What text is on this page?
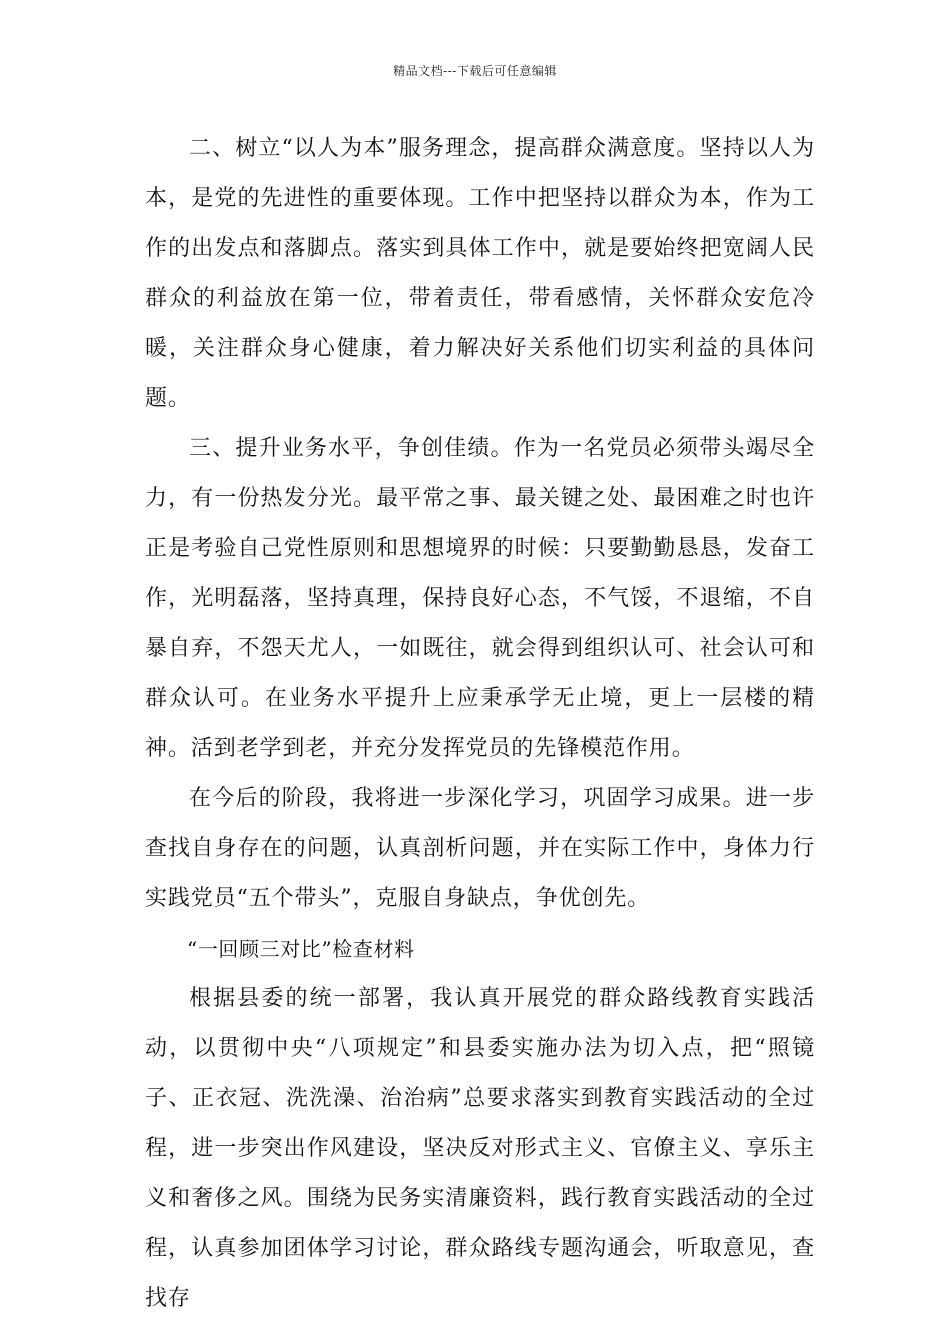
精品文档---下载后可任意编辑

二、树立“以人为本”服务理念，提高群众满意度。坚持以人为本，是党的先进性的重要体现。工作中把坚持以群众为本，作为工作的出发点和落脚点。落实到具体工作中，就是要始终把宽阔人民群众的利益放在第一位，带着责任，带看感情，关怀群众安危冷暖，关注群众身心健康，着力解决好关系他们切实利益的具体问题。

三、提升业务水平，争创佳绩。作为一名党员必须带头竭尽全力，有一份热发分光。最平常之事、最关键之处、最困难之时也许正是考验自己党性原则和思想境界的时候：只要勤勤恳恳，发奋工作，光明磊落，坚持真理，保持良好心态，不气馁，不退缩，不自暴自弃，不怨天尤人，一如既往，就会得到组织认可、社会认可和群众认可。在业务水平提升上应秉承学无止境，更上一层楼的精神。活到老学到老，并充分发挥党员的先锋模范作用。

在今后的阶段，我将进一步深化学习，巩固学习成果。进一步查找自身存在的问题，认真剖析问题，并在实际工作中，身体力行实践党员“五个带头”，克服自身缺点，争优创先。

“一回顾三对比”检查材料

根据县委的统一部署，我认真开展党的群众路线教育实践活动，以贯彻中央“八项规定”和县委实施办法为切入点，把“照镜子、正衣冠、洗洗澡、治治病”总要求落实到教育实践活动的全过程，进一步突出作风建设，坚决反对形式主义、官僚主义、享乐主义和奢侈之风。围绕为民务实清廉资料，践行教育实践活动的全过程，认真参加团体学习讨论，群众路线专题沟通会，听取意见，查找存
